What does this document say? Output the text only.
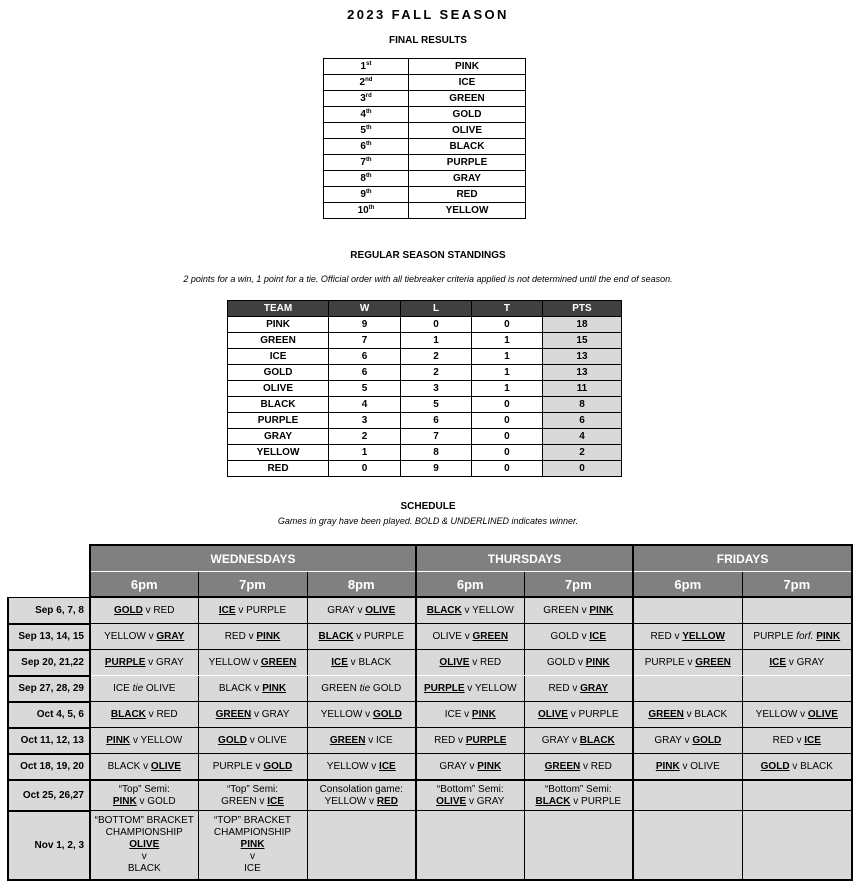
2023 FALL SEASON
FINAL RESULTS
1st	PINK
2nd	ICE
3rd	GREEN
4th	GOLD
5th	OLIVE
6th	BLACK
7th	PURPLE
8th	GRAY
9th	RED
10th	YELLOW
REGULAR SEASON STANDINGS
2 points for a win, 1 point for a tie. Official order with all tiebreaker criteria applied is not determined until the end of season.
TEAM	W	L	T	PTS
PINK	9	0	0	18
GREEN	7	1	1	15
ICE	6	2	1	13
GOLD	6	2	1	13
OLIVE	5	3	1	11
BLACK	4	5	0	8
PURPLE	3	6	0	6
GRAY	2	7	0	4
YELLOW	1	8	0	2
RED	0	9	0	0
SCHEDULE
Games in gray have been played. BOLD & UNDERLINED indicates winner.
	WEDNESDAYS			THURSDAYS		FRIDAYS	
	6pm	7pm	8pm	6pm	7pm	6pm	7pm
Sep 6, 7, 8	GOLD v RED	ICE v PURPLE	GRAY v OLIVE	BLACK v YELLOW	GREEN v PINK		
Sep 13, 14, 15	YELLOW v GRAY	RED v PINK	BLACK v PURPLE	OLIVE v GREEN	GOLD v ICE	RED v YELLOW	PURPLE forf. PINK
Sep 20, 21,22	PURPLE v GRAY	YELLOW v GREEN	ICE v BLACK	OLIVE v RED	GOLD v PINK	PURPLE v GREEN	ICE v GRAY
Sep 27, 28, 29	ICE tie OLIVE	BLACK v PINK	GREEN tie GOLD	PURPLE v YELLOW	RED v GRAY		
Oct 4, 5, 6	BLACK v RED	GREEN v GRAY	YELLOW v GOLD	ICE v PINK	OLIVE v PURPLE	GREEN v BLACK	YELLOW v OLIVE
Oct 11, 12, 13	PINK v YELLOW	GOLD v OLIVE	GREEN v ICE	RED v PURPLE	GRAY v BLACK	GRAY v GOLD	RED v ICE
Oct 18, 19, 20	BLACK v OLIVE	PURPLE v GOLD	YELLOW v ICE	GRAY v PINK	GREEN v RED	PINK v OLIVE	GOLD v BLACK
Oct 25, 26,27	“Top” Semi:
PINK v GOLD	“Top” Semi:
GREEN v ICE	Consolation game:
YELLOW v RED	“Bottom” Semi:
OLIVE v GRAY	“Bottom” Semi:
BLACK v PURPLE		
Nov 1, 2, 3	“BOTTOM” BRACKET
CHAMPIONSHIP
OLIVE
v
BLACK	“TOP” BRACKET
CHAMPIONSHIP
PINK
v
ICE					
